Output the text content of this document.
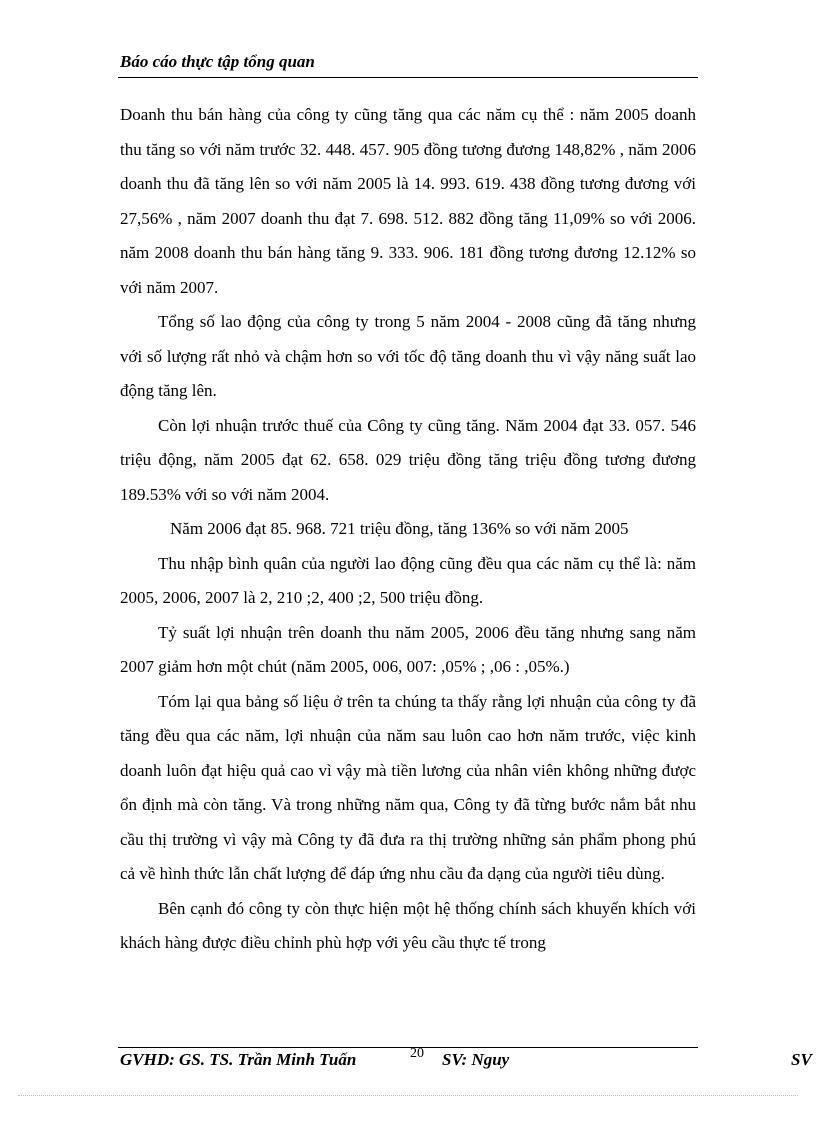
Báo cáo thực tập tổng quan

Doanh thu bán hàng của công ty cũng tăng qua các năm cụ thể : năm 2005 doanh thu tăng so với năm trước 32. 448. 457. 905 đồng tương đương 148,82% , năm 2006 doanh thu đã tăng lên so với năm 2005 là 14. 993. 619. 438 đồng tương đương với 27,56% , năm 2007 doanh thu đạt 7. 698. 512. 882 đồng tăng 11,09% so với 2006. năm 2008 doanh thu bán hàng tăng 9. 333. 906. 181 đồng tương đương 12.12% so với năm 2007.

Tổng số lao động của công ty trong 5 năm 2004 - 2008 cũng đã tăng nhưng với số lượng rất nhỏ và chậm hơn so với tốc độ tăng doanh thu vì vậy năng suất lao động tăng lên.

Còn lợi nhuận trước thuế của Công ty cũng tăng. Năm 2004 đạt 33. 057. 546 triệu động, năm 2005 đạt 62. 658. 029 triệu đồng tăng triệu đồng tương đương 189.53% với so với năm 2004.

Năm 2006 đạt 85. 968. 721 triệu đồng, tăng 136% so với năm 2005

Thu nhập bình quân của người lao động cũng đều qua các năm cụ thể là: năm 2005, 2006, 2007 là 2, 210 ;2, 400 ;2, 500 triệu đồng.

Tỷ suất lợi nhuận trên doanh thu năm 2005, 2006 đều tăng nhưng sang năm 2007 giảm hơn một chút (năm 2005, 006, 007: ,05% ; ,06 : ,05%.)

Tóm lại qua bảng số liệu ở trên ta chúng ta thấy rằng lợi nhuận của công ty đã tăng đều qua các năm, lợi nhuận của năm sau luôn cao hơn năm trước, việc kinh doanh luôn đạt hiệu quả cao vì vậy mà tiền lương của nhân viên không những được ổn định mà còn tăng. Và trong những năm qua, Công ty đã từng bước nắm bắt nhu cầu thị trường vì vậy mà Công ty đã đưa ra thị trường những sản phẩm phong phú cả về hình thức lẫn chất lượng để đáp ứng nhu cầu đa dạng của người tiêu dùng.

Bên cạnh đó công ty còn thực hiện một hệ thống chính sách khuyến khích với khách hàng được điều chỉnh phù hợp với yêu cầu thực tế trong

GVHD: GS. TS. Trần Minh Tuấn	20 SV: Nguy	SV
